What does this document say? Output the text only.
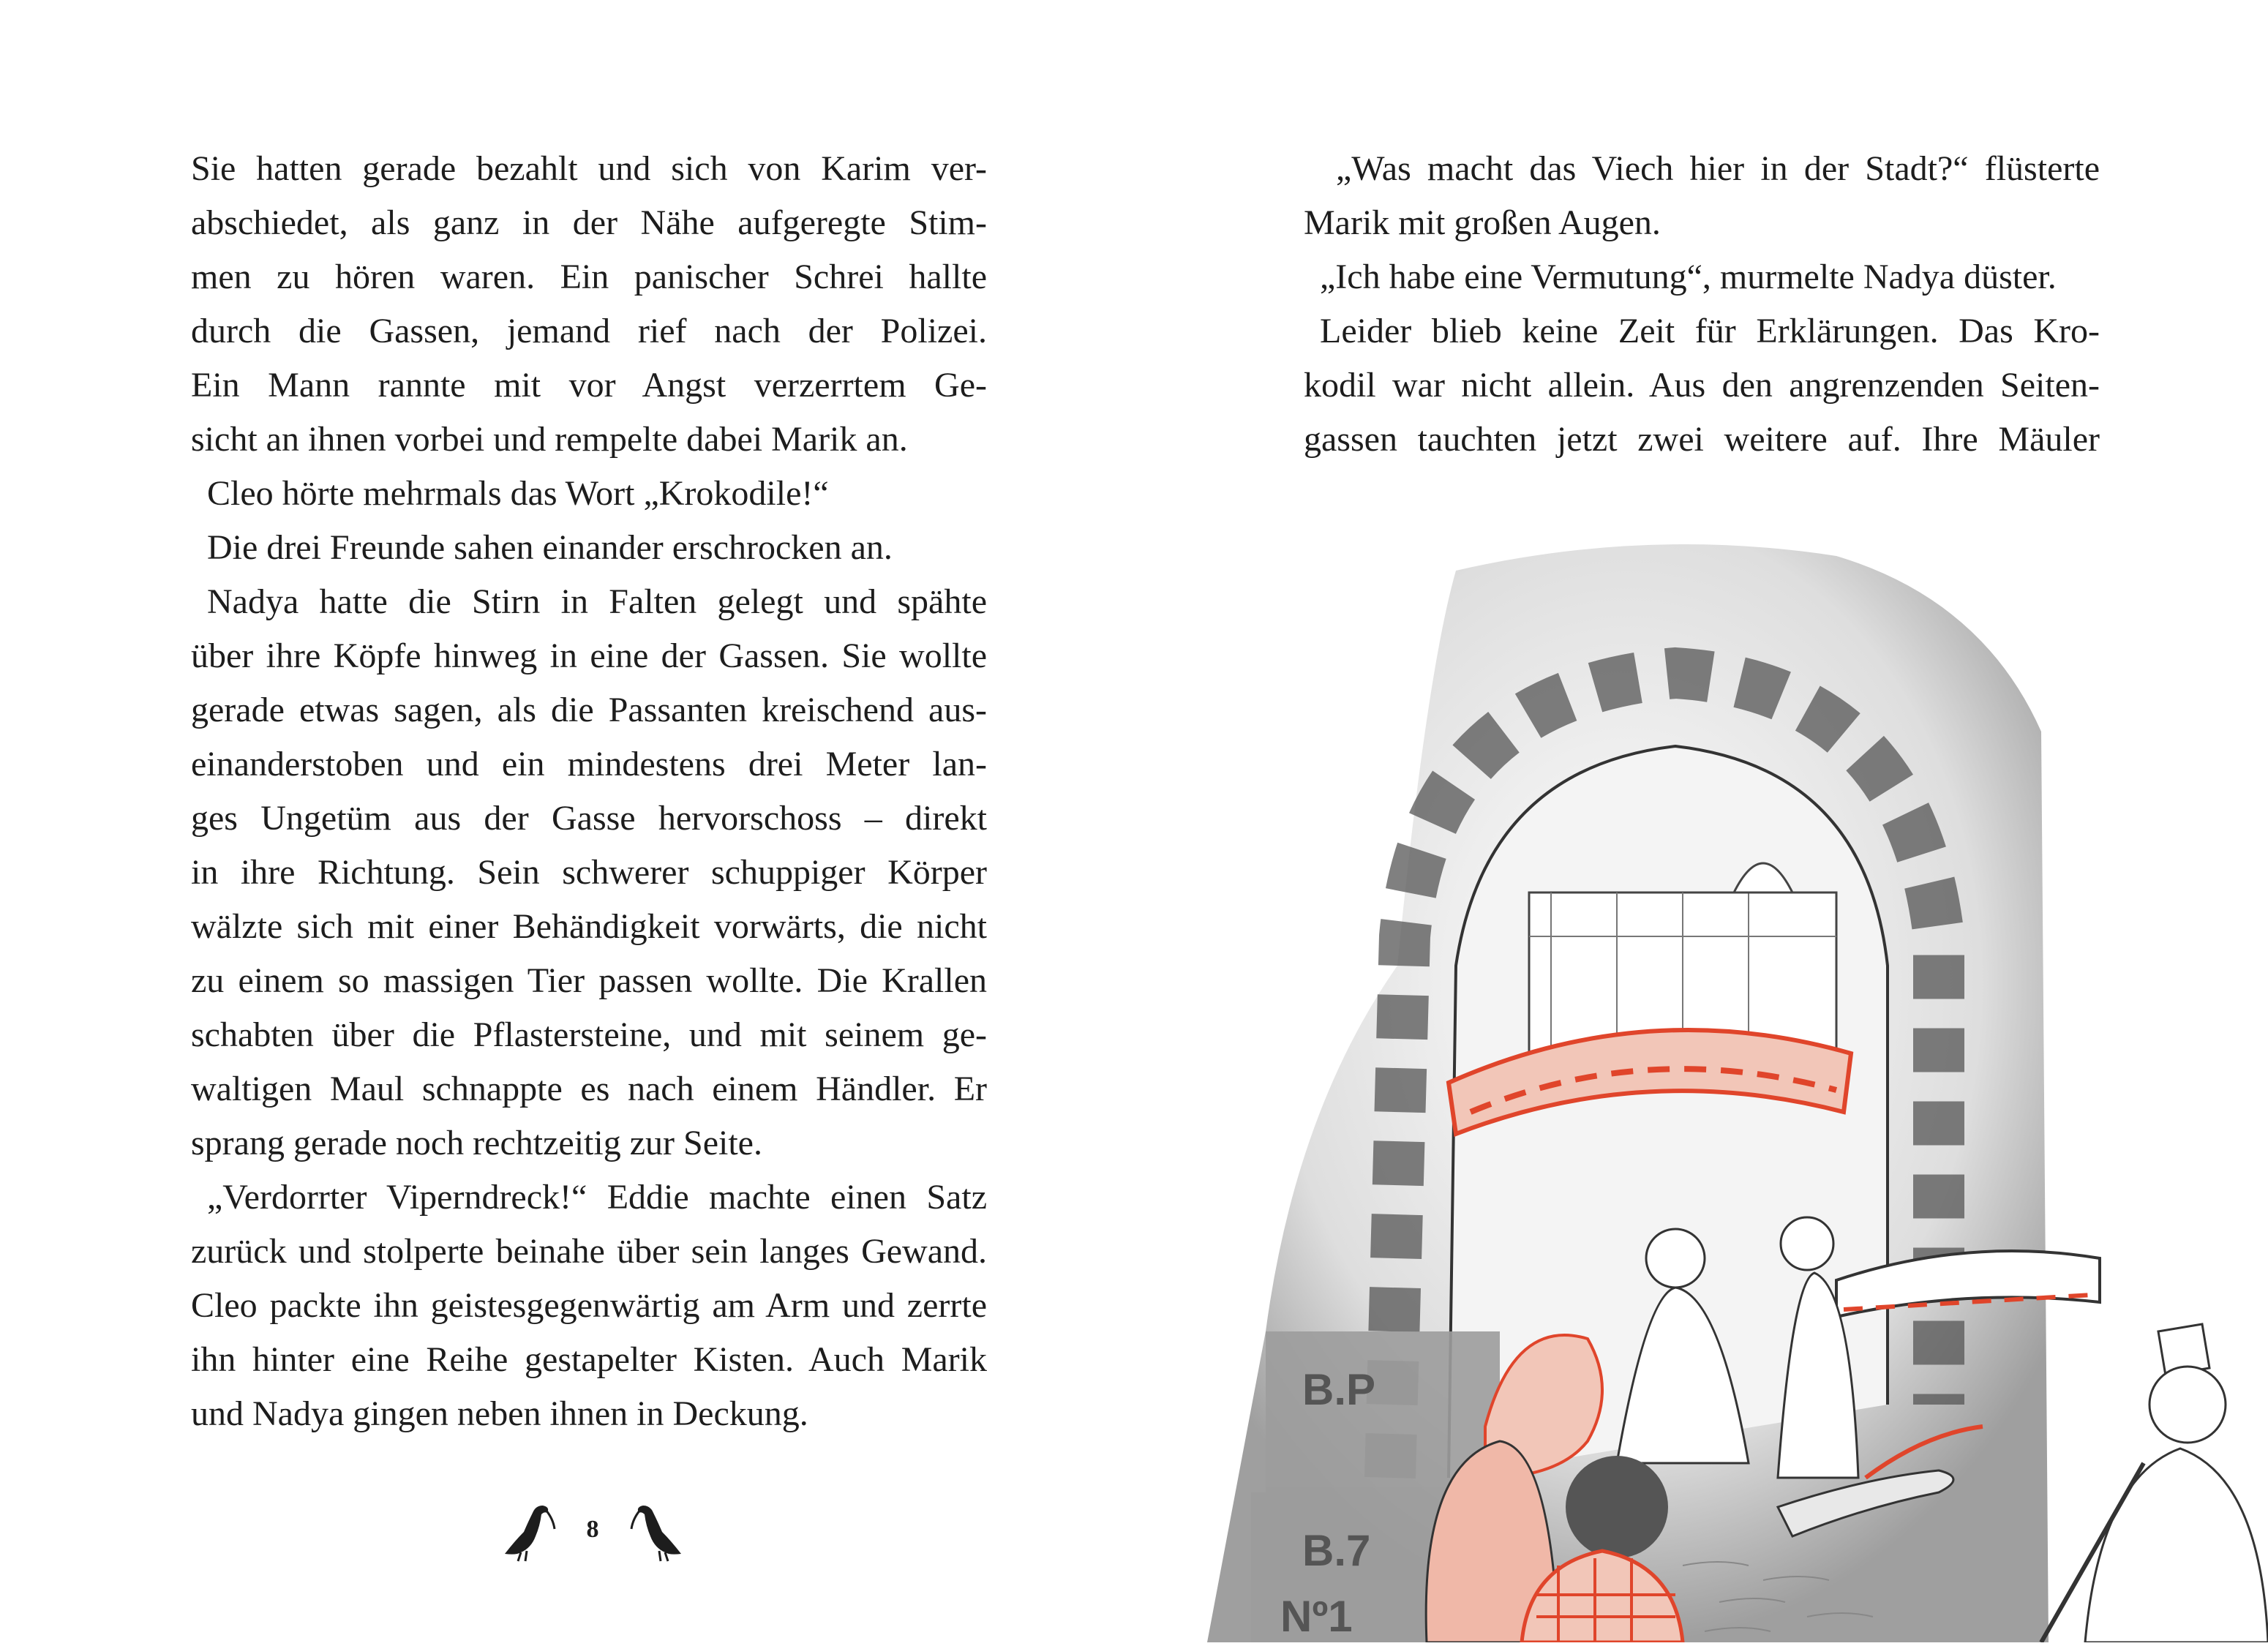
Sie hatten gerade bezahlt und sich von Karim ver-
abschiedet, als ganz in der Nähe aufgeregte Stim-
men zu hören waren. Ein panischer Schrei hallte
durch die Gassen, jemand rief nach der Polizei.
Ein Mann rannte mit vor Angst verzerrtem Ge-
sicht an ihnen vorbei und rempelte dabei Marik an.

Cleo hörte mehrmals das Wort „Krokodile!“

Die drei Freunde sahen einander erschrocken an.

Nadya hatte die Stirn in Falten gelegt und spähte
über ihre Köpfe hinweg in eine der Gassen. Sie wollte
gerade etwas sagen, als die Passanten kreischend aus-
einanderstoben und ein mindestens drei Meter lan-
ges Ungetüm aus der Gasse hervorschoss – direkt
in ihre Richtung. Sein schwerer schuppiger Körper
wälzte sich mit einer Behändigkeit vorwärts, die nicht
zu einem so massigen Tier passen wollte. Die Krallen
schabten über die Pflastersteine, und mit seinem ge-
waltigen Maul schnappte es nach einem Händler. Er
sprang gerade noch rechtzeitig zur Seite.

„Verdorrter Viperndreck!“ Eddie machte einen Satz
zurück und stolperte beinahe über sein langes Gewand.
Cleo packte ihn geistesgegenwärtig am Arm und zerrte
ihn hinter eine Reihe gestapelter Kisten. Auch Marik
und Nadya gingen neben ihnen in Deckung.

8

„Was macht das Viech hier in der Stadt?“ flüsterte
Marik mit großen Augen.

„Ich habe eine Vermutung“, murmelte Nadya düster.

Leider blieb keine Zeit für Erklärungen. Das Kro-
kodil war nicht allein. Aus den angrenzenden Seiten-
gassen tauchten jetzt zwei weitere auf. Ihre Mäuler

B.P
B.7
Nº1
